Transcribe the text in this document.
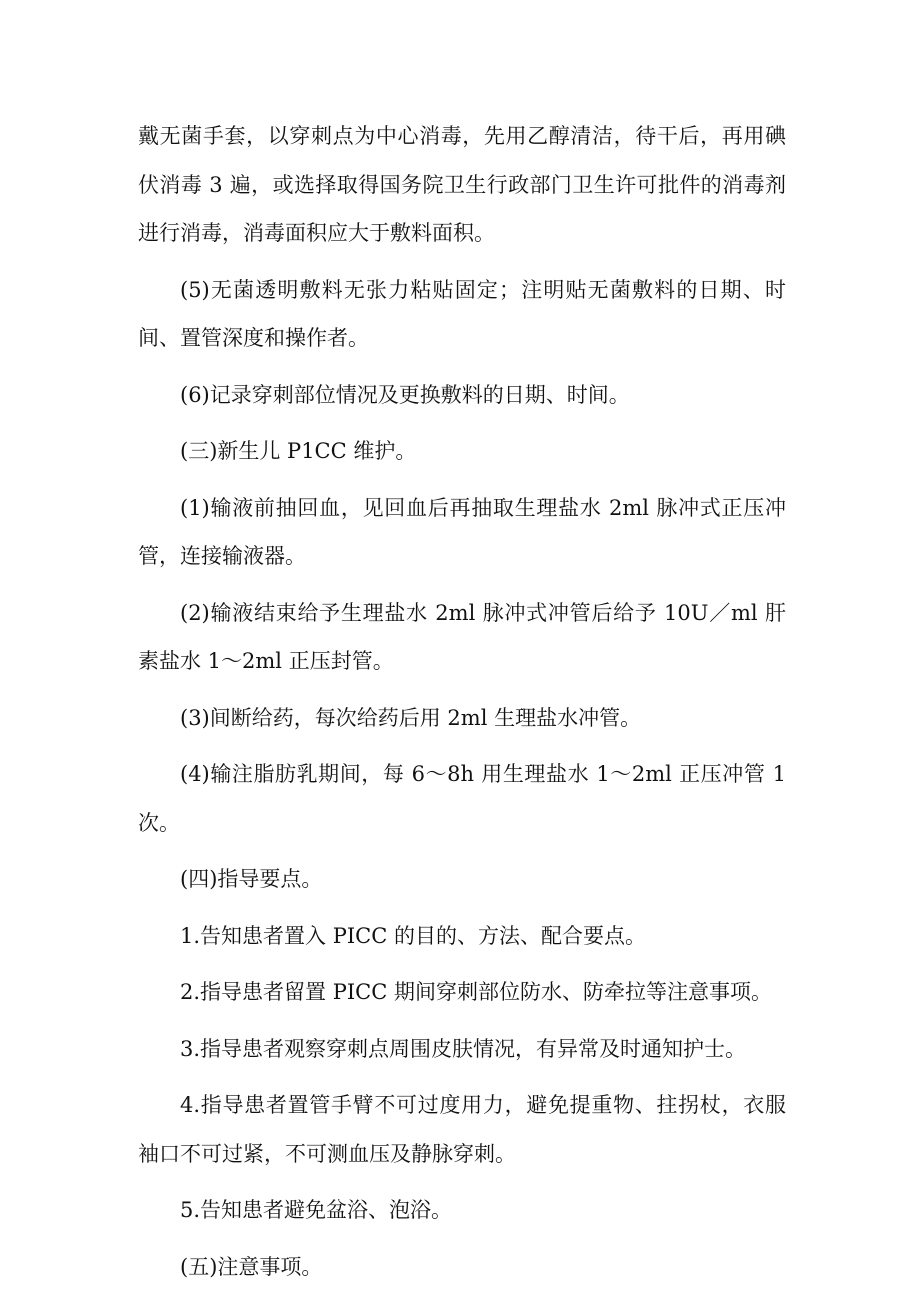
戴无菌手套，以穿刺点为中心消毒，先用乙醇清洁，待干后，再用碘伏消毒 3 遍，或选择取得国务院卫生行政部门卫生许可批件的消毒剂进行消毒，消毒面积应大于敷料面积。

(5)无菌透明敷料无张力粘贴固定；注明贴无菌敷料的日期、时间、置管深度和操作者。

(6)记录穿刺部位情况及更换敷料的日期、时间。

(三)新生儿 P1CC 维护。

(1)输液前抽回血，见回血后再抽取生理盐水 2ml 脉冲式正压冲管，连接输液器。

(2)输液结束给予生理盐水 2ml 脉冲式冲管后给予 10U／ml 肝素盐水 1～2ml 正压封管。

(3)间断给药，每次给药后用 2ml 生理盐水冲管。

(4)输注脂肪乳期间，每 6～8h 用生理盐水 1～2ml 正压冲管 1 次。

(四)指导要点。

1.告知患者置入 PICC 的目的、方法、配合要点。

2.指导患者留置 PICC 期间穿刺部位防水、防牵拉等注意事项。

3.指导患者观察穿刺点周围皮肤情况，有异常及时通知护士。

4.指导患者置管手臂不可过度用力，避免提重物、拄拐杖，衣服袖口不可过紧，不可测血压及静脉穿刺。

5.告知患者避免盆浴、泡浴。

(五)注意事项。
